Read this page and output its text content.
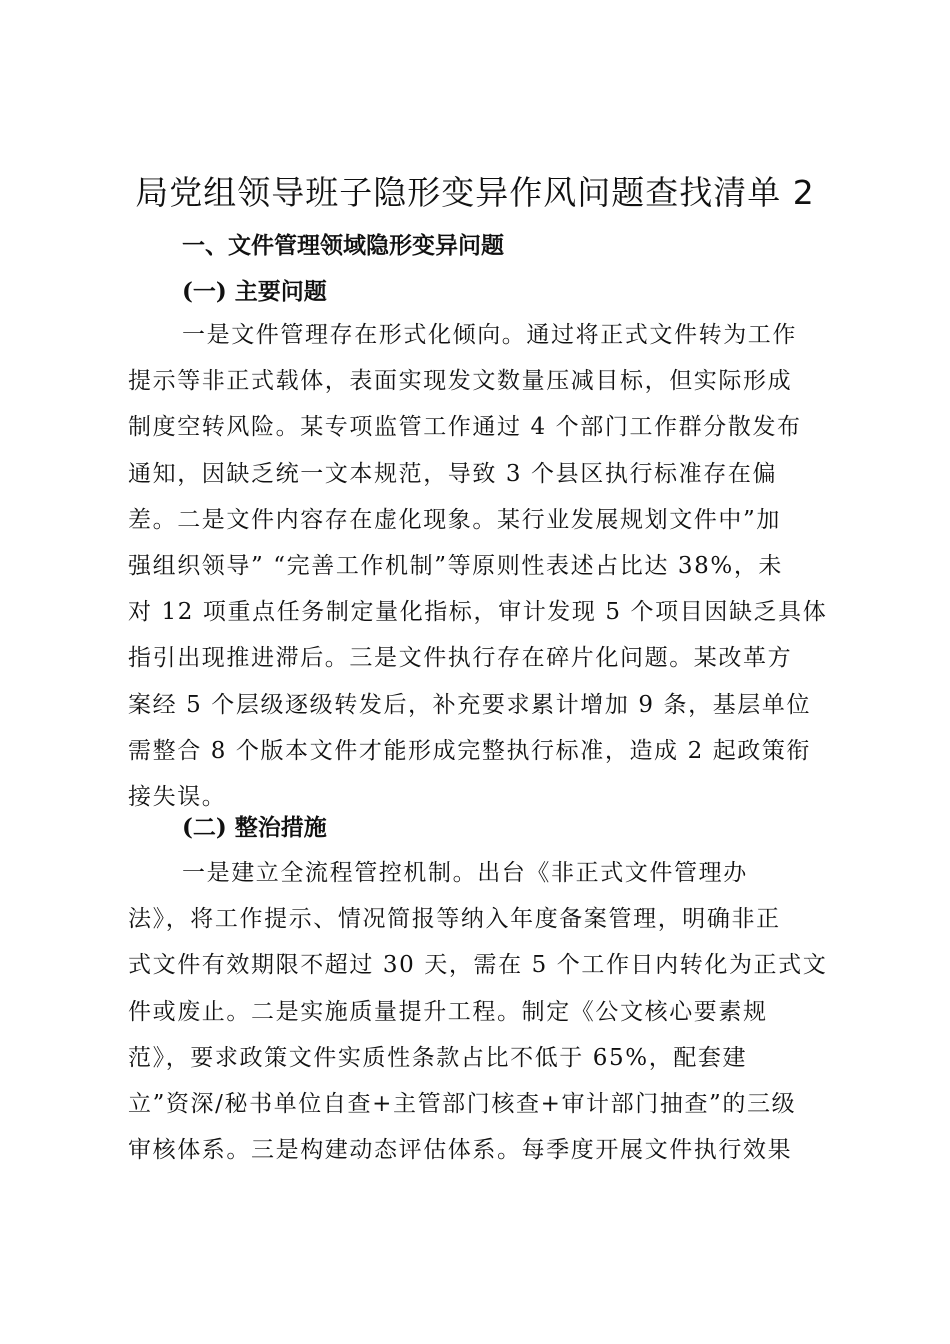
局党组领导班子隐形变异作风问题查找清单 2
一、文件管理领域隐形变异问题
(一) 主要问题
一是文件管理存在形式化倾向。通过将正式文件转为工作
提示等非正式载体，表面实现发文数量压减目标，但实际形成
制度空转风险。某专项监管工作通过 4 个部门工作群分散发布
通知，因缺乏统一文本规范，导致 3 个县区执行标准存在偏
差。二是文件内容存在虚化现象。某行业发展规划文件中”加
强组织领导” “完善工作机制”等原则性表述占比达 38%，未
对 12 项重点任务制定量化指标，审计发现 5 个项目因缺乏具体
指引出现推进滞后。三是文件执行存在碎片化问题。某改革方
案经 5 个层级逐级转发后，补充要求累计增加 9 条，基层单位
需整合 8 个版本文件才能形成完整执行标准，造成 2 起政策衔
接失误。
(二) 整治措施
一是建立全流程管控机制。出台《非正式文件管理办
法》，将工作提示、情况简报等纳入年度备案管理，明确非正
式文件有效期限不超过 30 天，需在 5 个工作日内转化为正式文
件或废止。二是实施质量提升工程。制定《公文核心要素规
范》，要求政策文件实质性条款占比不低于 65%，配套建
立”资深/秘书单位自查+主管部门核查+审计部门抽查”的三级
审核体系。三是构建动态评估体系。每季度开展文件执行效果
